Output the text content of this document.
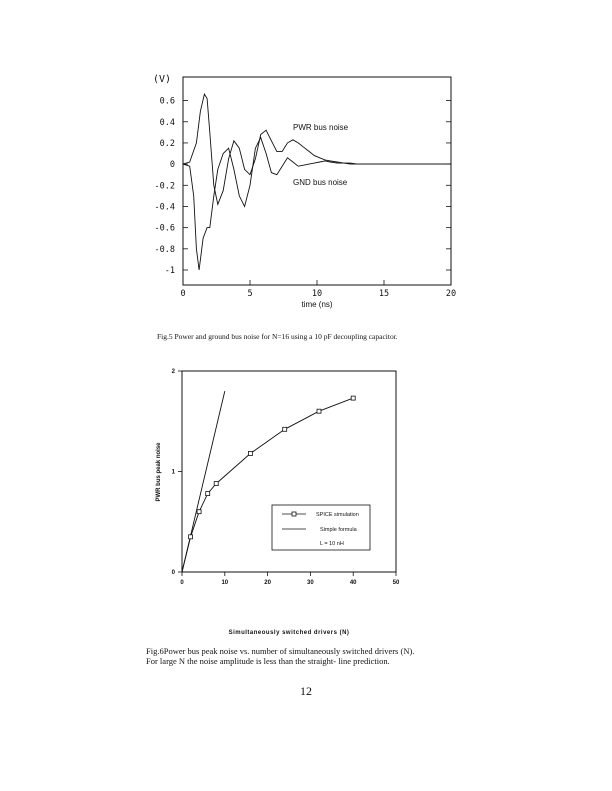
(V)
0.6
0.4
0.2
0
-0.2
-0.4
-0.6
-0.8
-1
0	5	10	15	20
PWR bus noise
GND bus noise
time (ns)
Fig.5 Power and ground bus noise for N=16 using a 10 pF decoupling capacitor.
0
1
2
0	10	20	30	40	50
PWR bus peak noise
Simultaneously switched drivers (N)
SPICE simulation
Simple formula
L = 10 nH
Fig.6Power bus peak noise vs. number of simultaneously switched drivers (N).
For large N the noise amplitude is less than the straight- line prediction.
12
